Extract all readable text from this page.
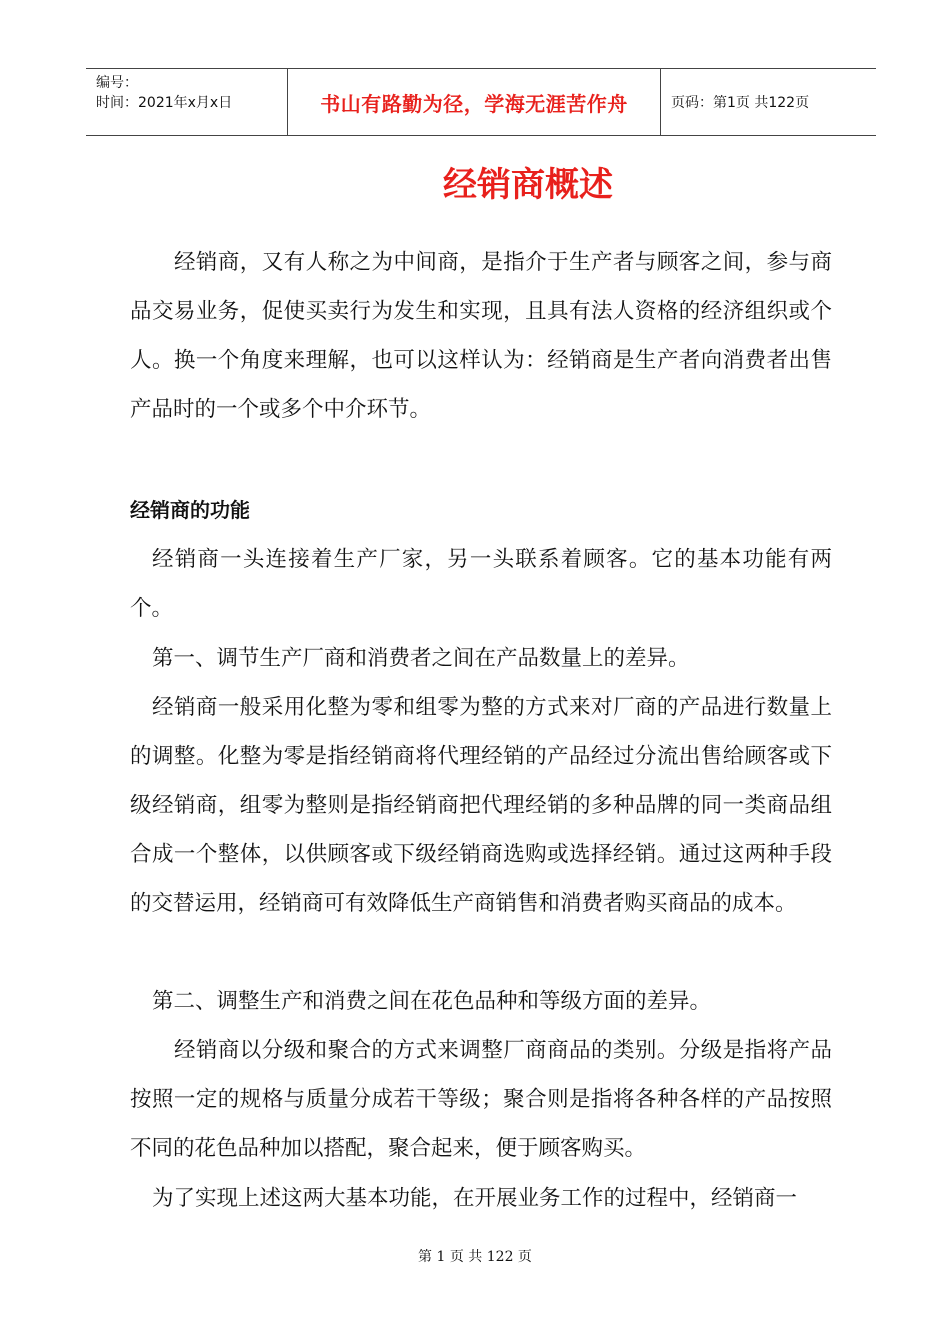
编号：
时间：2021年x月x日	书山有路勤为径，学海无涯苦作舟	页码：第1页 共122页
经销商概述

　经销商，又有人称之为中间商，是指介于生产者与顾客之间，参与商品交易业务，促使买卖行为发生和实现，且具有法人资格的经济组织或个人。换一个角度来理解，也可以这样认为：经销商是生产者向消费者出售产品时的一个或多个中介环节。

经销商的功能

经销商一头连接着生产厂家，另一头联系着顾客。它的基本功能有两个。

第一、调节生产厂商和消费者之间在产品数量上的差异。

经销商一般采用化整为零和组零为整的方式来对厂商的产品进行数量上的调整。化整为零是指经销商将代理经销的产品经过分流出售给顾客或下级经销商，组零为整则是指经销商把代理经销的多种品牌的同一类商品组合成一个整体，以供顾客或下级经销商选购或选择经销。通过这两种手段的交替运用，经销商可有效降低生产商销售和消费者购买商品的成本。

第二、调整生产和消费之间在花色品种和等级方面的差异。

　经销商以分级和聚合的方式来调整厂商商品的类别。分级是指将产品按照一定的规格与质量分成若干等级；聚合则是指将各种各样的产品按照不同的花色品种加以搭配，聚合起来，便于顾客购买。

为了实现上述这两大基本功能，在开展业务工作的过程中，经销商一

第 1 页 共 122 页
